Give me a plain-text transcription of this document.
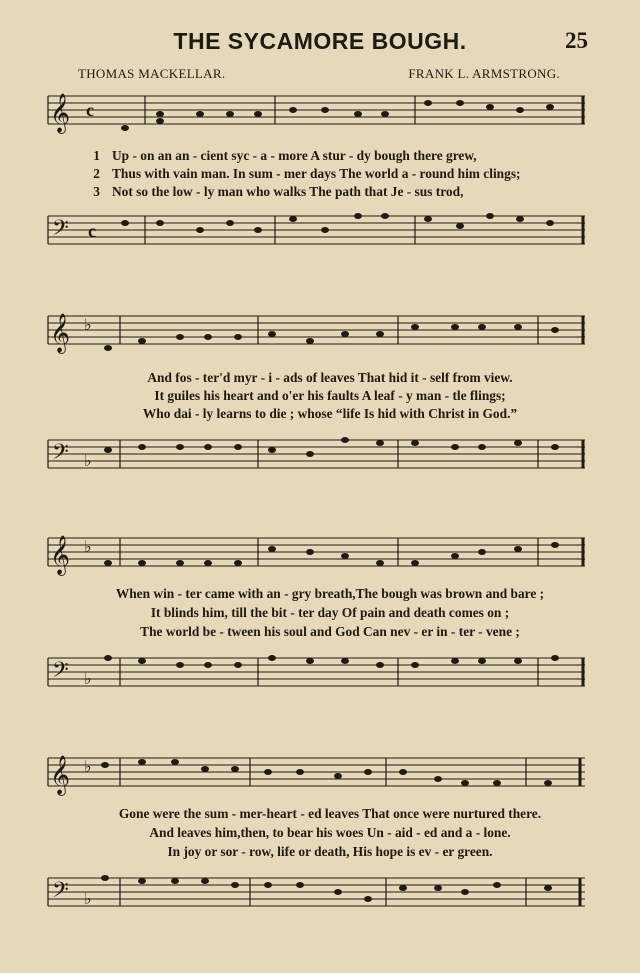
THE SYCAMORE BOUGH.	25
THOMAS MACKELLAR.	FRANK L. ARMSTRONG.
𝄞 c
1 Up - on an an - cient syc - a - more A stur - dy bough there grew,
2 Thus with vain man. In sum - mer days The world a - round him clings;
3 Not so the low - ly man who walks The path that Je - sus trod,
𝄢 c
𝄞 ♭
And fos - ter'd myr - i - ads of leaves That hid it - self from view.
It guiles his heart and o'er his faults A leaf - y man - tle flings;
Who dai - ly learns to die ; whose “life Is hid with Christ in God.”
𝄢 ♭
𝄞 ♭
When win - ter came with an - gry breath,The bough was brown and bare ;
It blinds him, till the bit - ter day Of pain and death comes on ;
The world be - tween his soul and God Can nev - er in - ter - vene ;
𝄢 ♭
𝄞 ♭
Gone were the sum - mer-heart - ed leaves That once were nurtured there.
And leaves him,then, to bear his woes Un - aid - ed and a - lone.
In joy or sor - row, life or death, His hope is ev - er green.
𝄢 ♭
